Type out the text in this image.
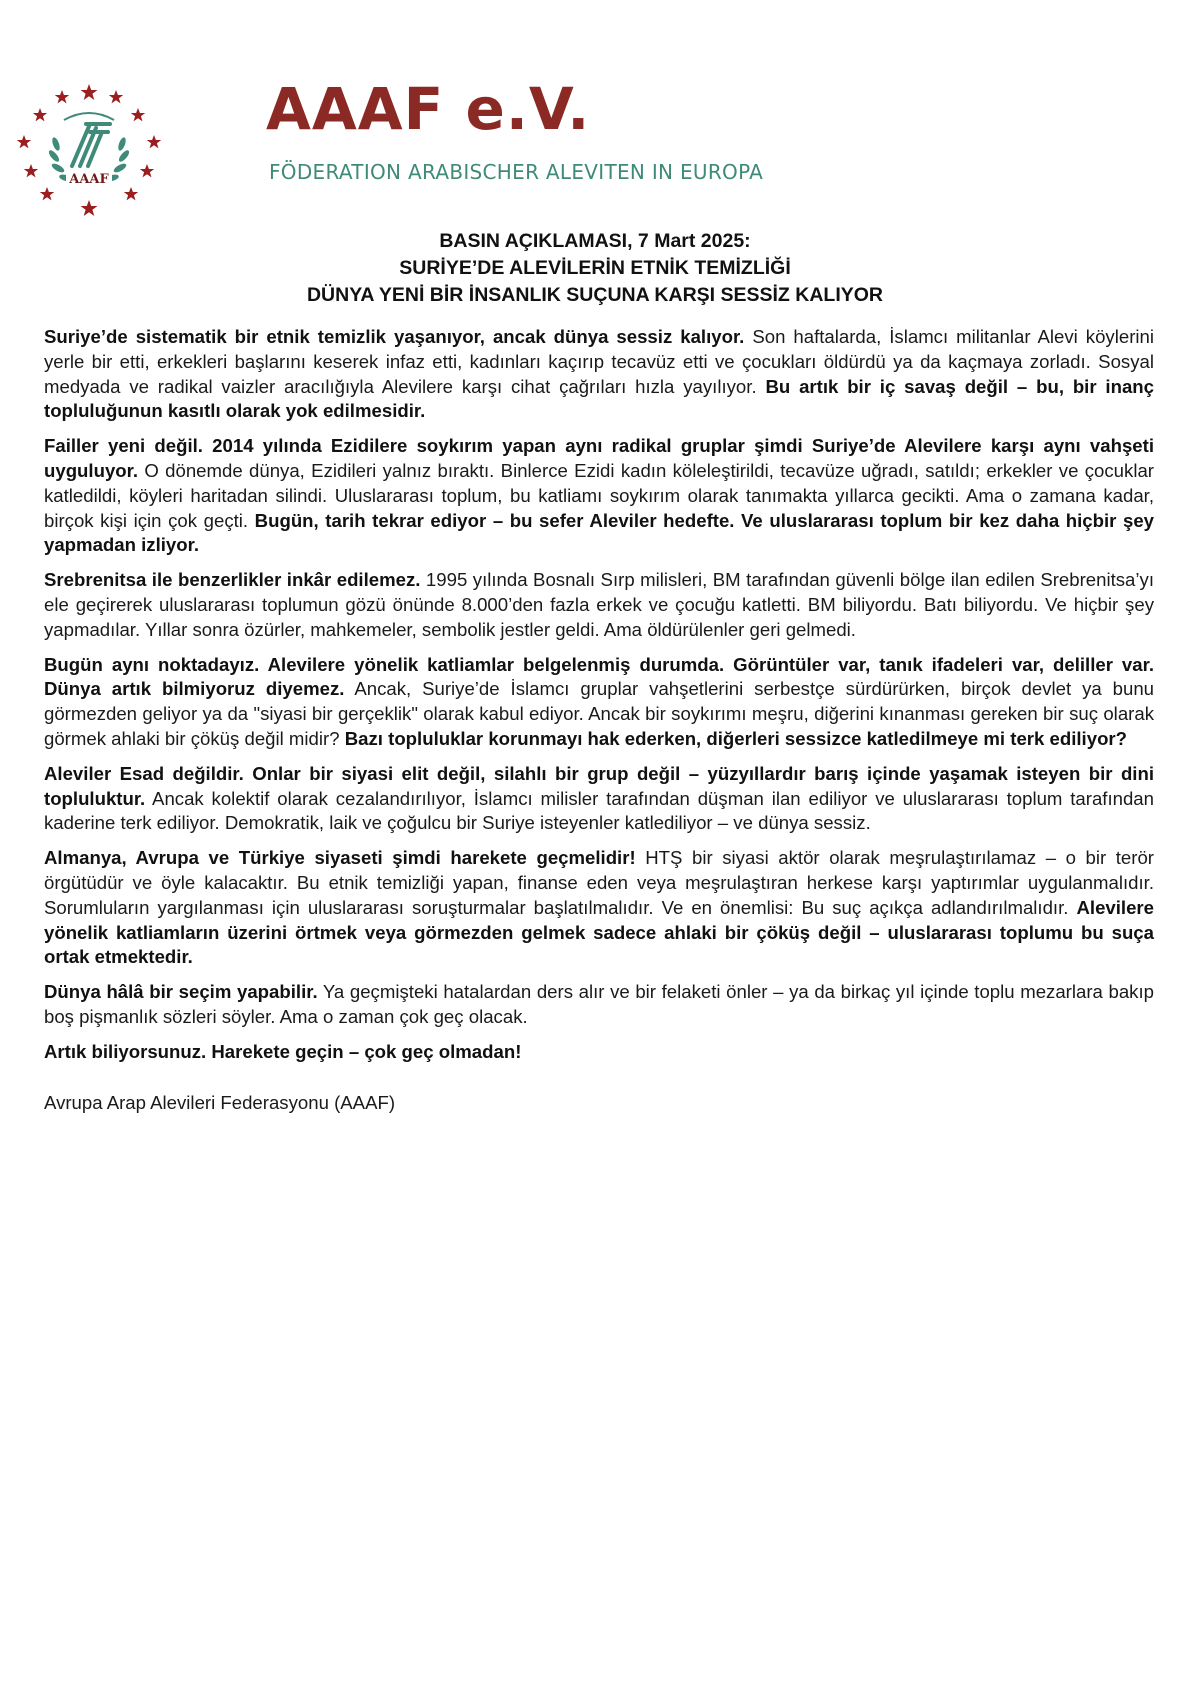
AAAF
AAAF e.V.
FÖDERATION ARABISCHER ALEVITEN IN EUROPA
BASIN AÇIKLAMASI, 7 Mart 2025:
SURİYE’DE ALEVİLERİN ETNİK TEMİZLİĞİ
DÜNYA YENİ BİR İNSANLIK SUÇUNA KARŞI SESSİZ KALIYOR

Suriye’de sistematik bir etnik temizlik yaşanıyor, ancak dünya sessiz kalıyor. Son haftalarda, İslamcı militanlar Alevi köylerini yerle bir etti, erkekleri başlarını keserek infaz etti, kadınları kaçırıp tecavüz etti ve çocukları öldürdü ya da kaçmaya zorladı. Sosyal medyada ve radikal vaizler aracılığıyla Alevilere karşı cihat çağrıları hızla yayılıyor. Bu artık bir iç savaş değil – bu, bir inanç topluluğunun kasıtlı olarak yok edilmesidir.

Failler yeni değil. 2014 yılında Ezidilere soykırım yapan aynı radikal gruplar şimdi Suriye’de Alevilere karşı aynı vahşeti uyguluyor. O dönemde dünya, Ezidileri yalnız bıraktı. Binlerce Ezidi kadın köleleştirildi, tecavüze uğradı, satıldı; erkekler ve çocuklar katledildi, köyleri haritadan silindi. Uluslararası toplum, bu katliamı soykırım olarak tanımakta yıllarca gecikti. Ama o zamana kadar, birçok kişi için çok geçti. Bugün, tarih tekrar ediyor – bu sefer Aleviler hedefte. Ve uluslararası toplum bir kez daha hiçbir şey yapmadan izliyor.

Srebrenitsa ile benzerlikler inkâr edilemez. 1995 yılında Bosnalı Sırp milisleri, BM tarafından güvenli bölge ilan edilen Srebrenitsa’yı ele geçirerek uluslararası toplumun gözü önünde 8.000’den fazla erkek ve çocuğu katletti. BM biliyordu. Batı biliyordu. Ve hiçbir şey yapmadılar. Yıllar sonra özürler, mahkemeler, sembolik jestler geldi. Ama öldürülenler geri gelmedi.

Bugün aynı noktadayız. Alevilere yönelik katliamlar belgelenmiş durumda. Görüntüler var, tanık ifadeleri var, deliller var. Dünya artık bilmiyoruz diyemez. Ancak, Suriye’de İslamcı gruplar vahşetlerini serbestçe sürdürürken, birçok devlet ya bunu görmezden geliyor ya da "siyasi bir gerçeklik" olarak kabul ediyor. Ancak bir soykırımı meşru, diğerini kınanması gereken bir suç olarak görmek ahlaki bir çöküş değil midir? Bazı topluluklar korunmayı hak ederken, diğerleri sessizce katledilmeye mi terk ediliyor?

Aleviler Esad değildir. Onlar bir siyasi elit değil, silahlı bir grup değil – yüzyıllardır barış içinde yaşamak isteyen bir dini topluluktur. Ancak kolektif olarak cezalandırılıyor, İslamcı milisler tarafından düşman ilan ediliyor ve uluslararası toplum tarafından kaderine terk ediliyor. Demokratik, laik ve çoğulcu bir Suriye isteyenler katlediliyor – ve dünya sessiz.

Almanya, Avrupa ve Türkiye siyaseti şimdi harekete geçmelidir! HTŞ bir siyasi aktör olarak meşrulaştırılamaz – o bir terör örgütüdür ve öyle kalacaktır. Bu etnik temizliği yapan, finanse eden veya meşrulaştıran herkese karşı yaptırımlar uygulanmalıdır. Sorumluların yargılanması için uluslararası soruşturmalar başlatılmalıdır. Ve en önemlisi: Bu suç açıkça adlandırılmalıdır. Alevilere yönelik katliamların üzerini örtmek veya görmezden gelmek sadece ahlaki bir çöküş değil – uluslararası toplumu bu suça ortak etmektedir.

Dünya hâlâ bir seçim yapabilir. Ya geçmişteki hatalardan ders alır ve bir felaketi önler – ya da birkaç yıl içinde toplu mezarlara bakıp boş pişmanlık sözleri söyler. Ama o zaman çok geç olacak.

Artık biliyorsunuz. Harekete geçin – çok geç olmadan!

Avrupa Arap Alevileri Federasyonu (AAAF)
